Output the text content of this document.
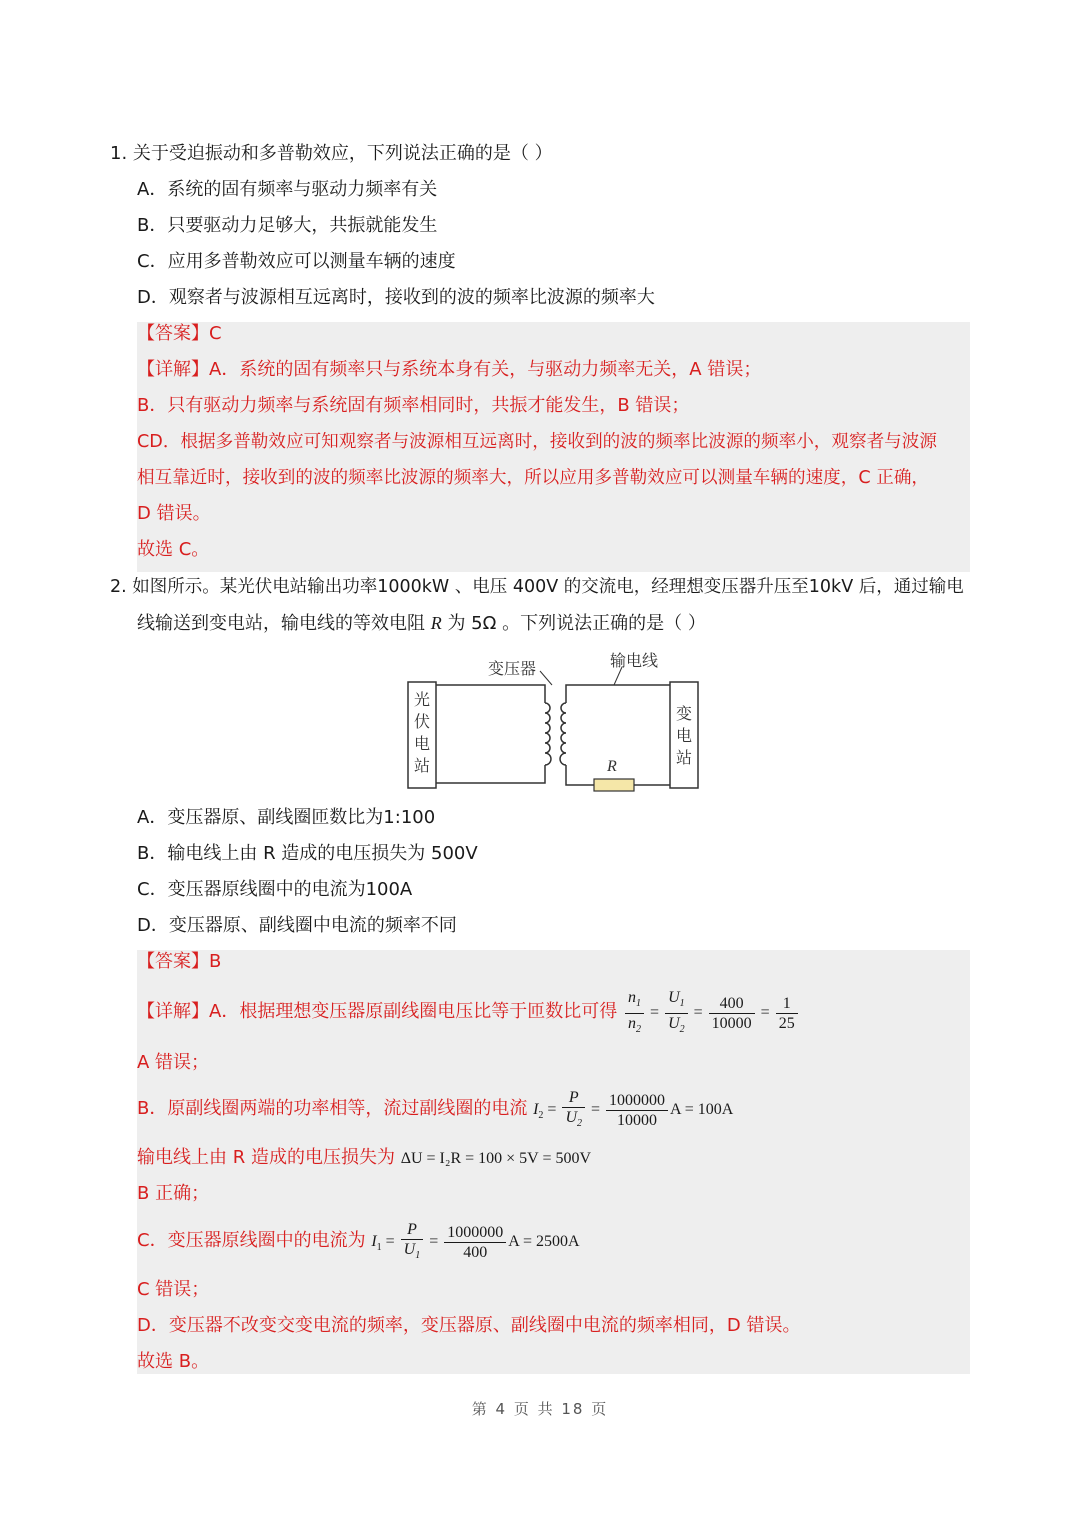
1. 关于受迫振动和多普勒效应，下列说法正确的是（ ）
A．系统的固有频率与驱动力频率有关
B．只要驱动力足够大，共振就能发生
C．应用多普勒效应可以测量车辆的速度
D．观察者与波源相互远离时，接收到的波的频率比波源的频率大
【答案】C
【详解】A．系统的固有频率只与系统本身有关，与驱动力频率无关，A 错误；
B．只有驱动力频率与系统固有频率相同时，共振才能发生，B 错误；
CD．根据多普勒效应可知观察者与波源相互远离时，接收到的波的频率比波源的频率小，观察者与波源
相互靠近时，接收到的波的频率比波源的频率大，所以应用多普勒效应可以测量车辆的速度，C 正确，
D 错误。
故选 C。
2. 如图所示。某光伏电站输出功率1000kW 、电压 400V 的交流电，经理想变压器升压至10kV 后，通过输电
线输送到变电站，输电线的等效电阻 R 为 5Ω 。下列说法正确的是（ ）
变压器	输电线
光
伏
电
站
变
电
站
R
A．变压器原、副线圈匝数比为1:100
B．输电线上由 R 造成的电压损失为 500V
C．变压器原线圈中的电流为100A
D．变压器原、副线圈中电流的频率不同
【答案】B
【详解】A．根据理想变压器原副线圈电压比等于匝数比可得 $\frac{n_1}{n_2} = \frac{U_1}{U_2} = \frac{400}{10000} = \frac{1}{25}$
A 错误；
B．原副线圈两端的功率相等，流过副线圈的电流 $I_2 = \frac{P}{U_2} = \frac{1000000}{10000}$ A = 100A
输电线上由 R 造成的电压损失为 ΔU = I₂R = 100 × 5V = 500V
B 正确；
C．变压器原线圈中的电流为 $I_1 = \frac{P}{U_1} = \frac{1000000}{400}$ A = 2500A
C 错误；
D．变压器不改变交变电流的频率，变压器原、副线圈中电流的频率相同，D 错误。
故选 B。
第 4 页 共 18 页
